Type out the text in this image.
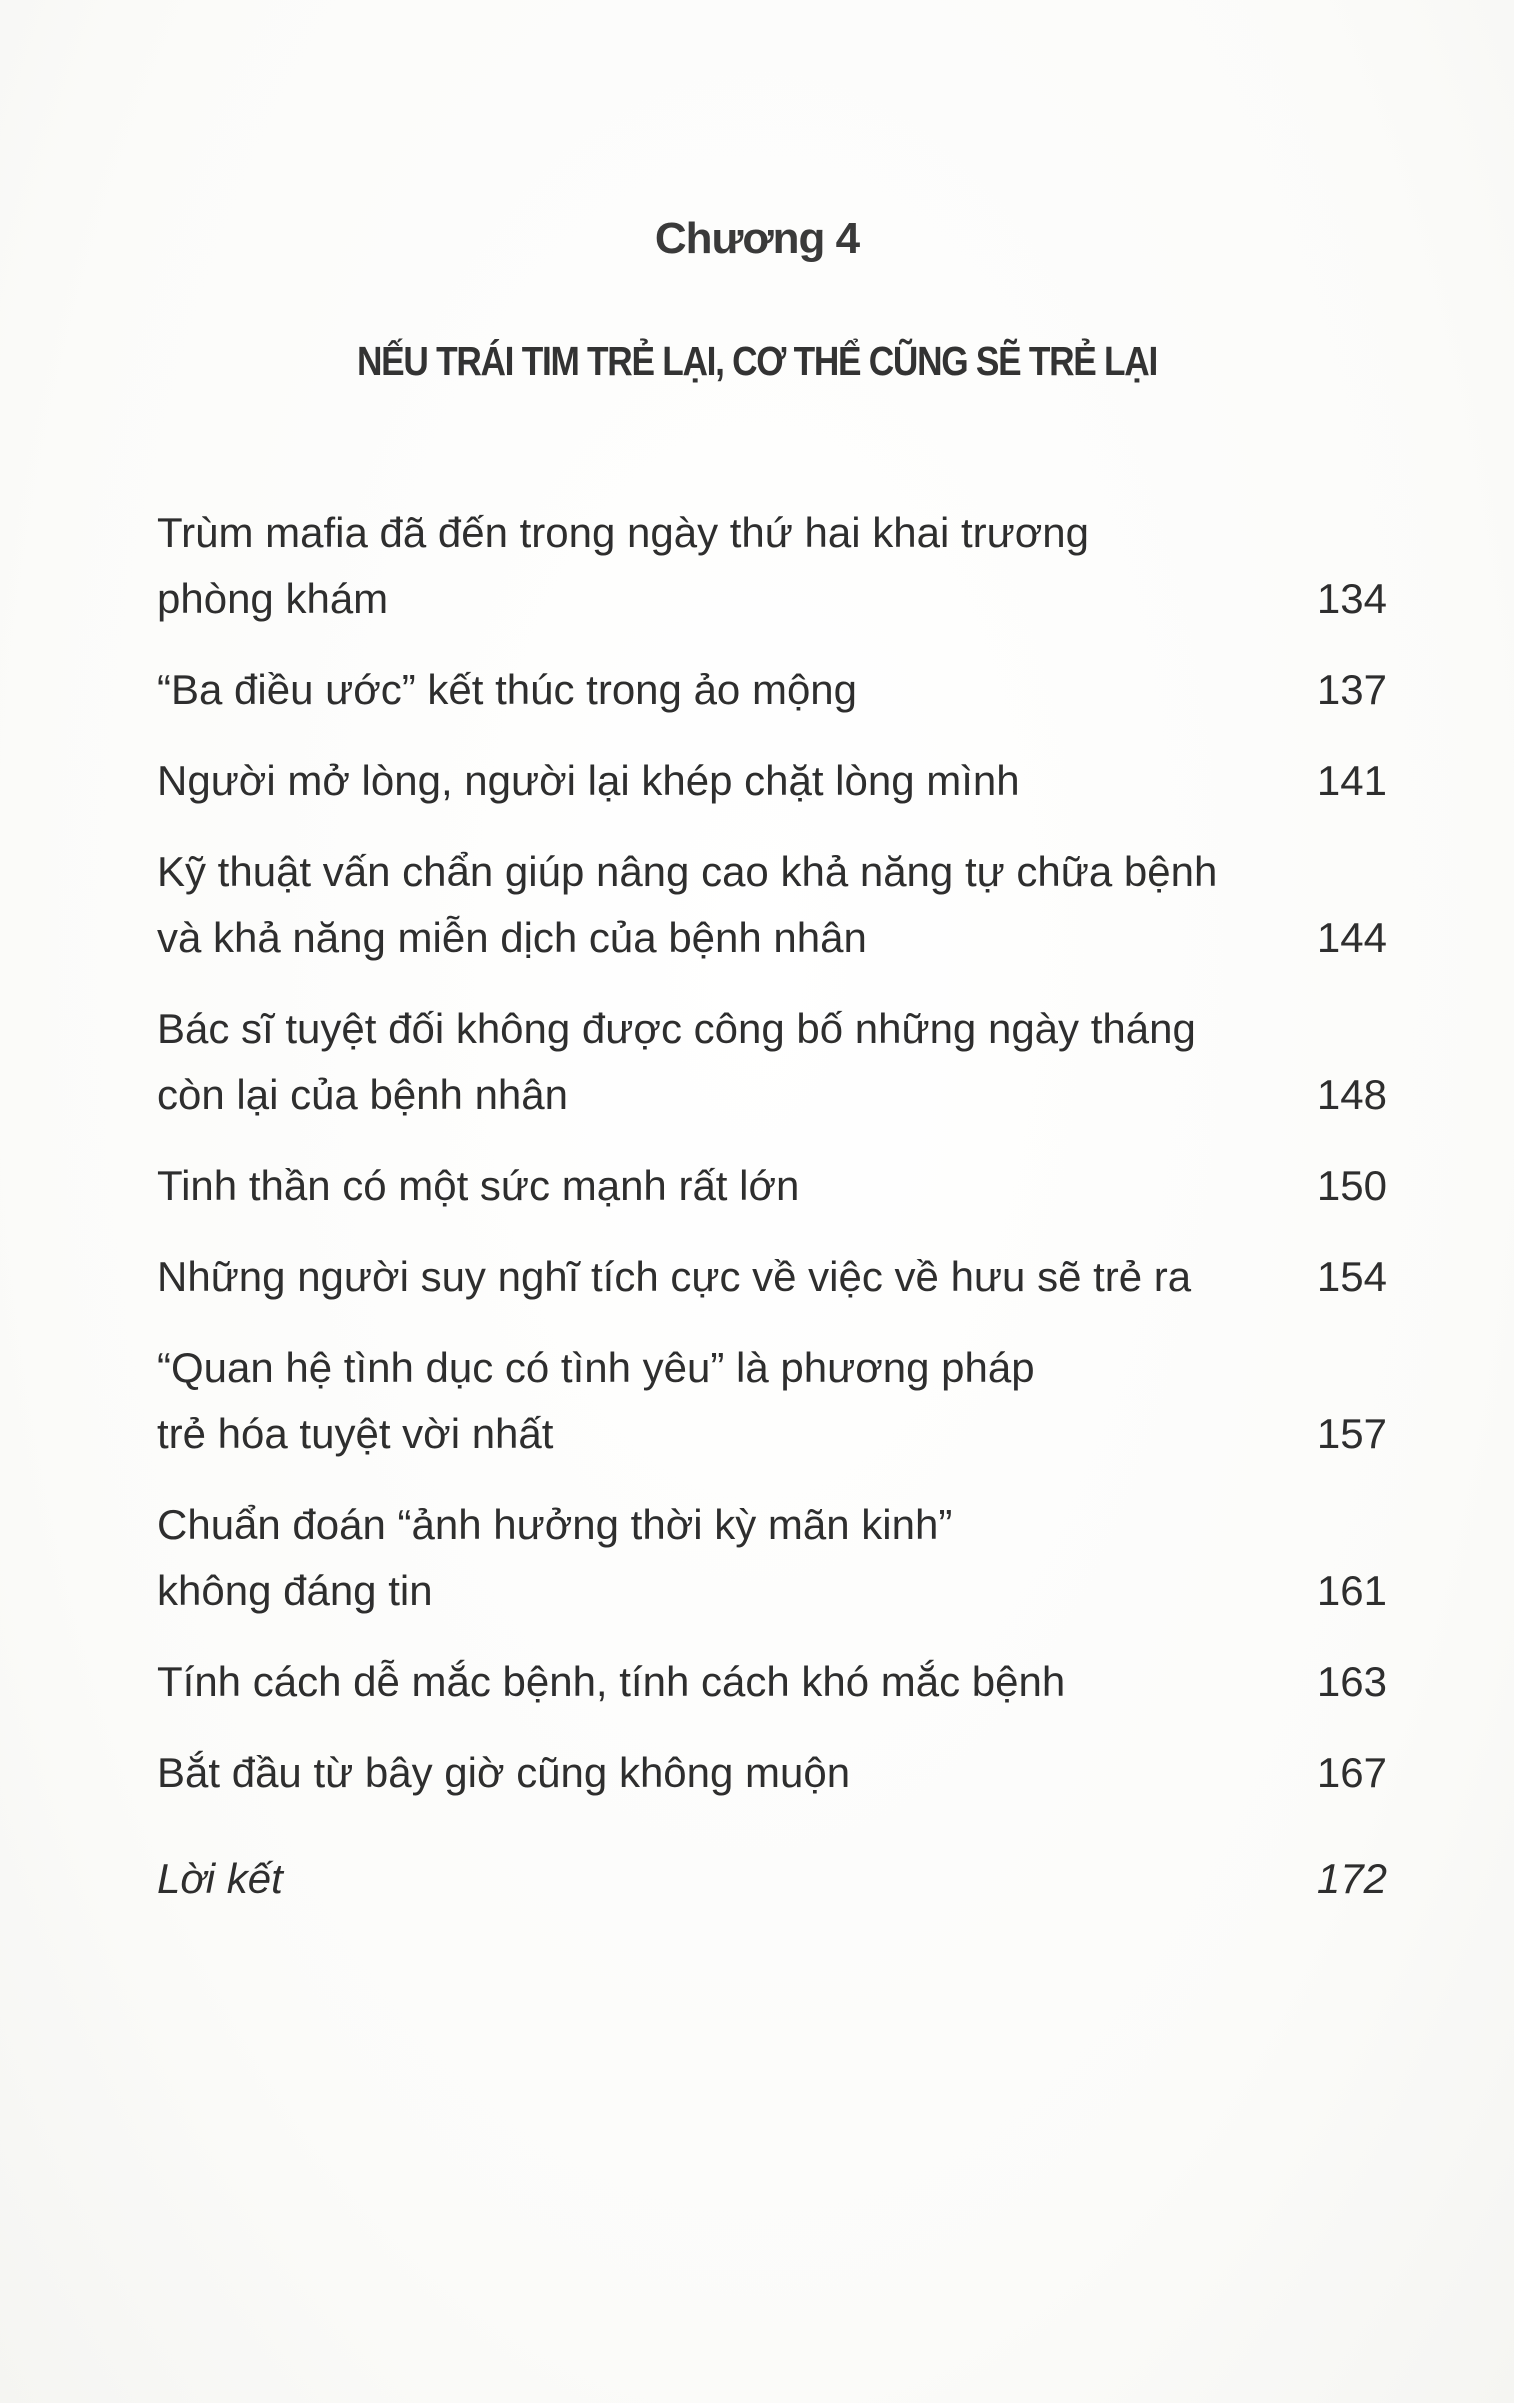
Chương 4
NẾU TRÁI TIM TRẺ LẠI, CƠ THỂ CŨNG SẼ TRẺ LẠI
Trùm mafia đã đến trong ngày thứ hai khai trương
phòng khám	134
“Ba điều ước” kết thúc trong ảo mộng	137
Người mở lòng, người lại khép chặt lòng mình	141
Kỹ thuật vấn chẩn giúp nâng cao khả năng tự chữa bệnh
và khả năng miễn dịch của bệnh nhân	144
Bác sĩ tuyệt đối không được công bố những ngày tháng
còn lại của bệnh nhân	148
Tinh thần có một sức mạnh rất lớn	150
Những người suy nghĩ tích cực về việc về hưu sẽ trẻ ra	154
“Quan hệ tình dục có tình yêu” là phương pháp
trẻ hóa tuyệt vời nhất	157
Chuẩn đoán “ảnh hưởng thời kỳ mãn kinh”
không đáng tin	161
Tính cách dễ mắc bệnh, tính cách khó mắc bệnh	163
Bắt đầu từ bây giờ cũng không muộn	167
Lời kết	172
